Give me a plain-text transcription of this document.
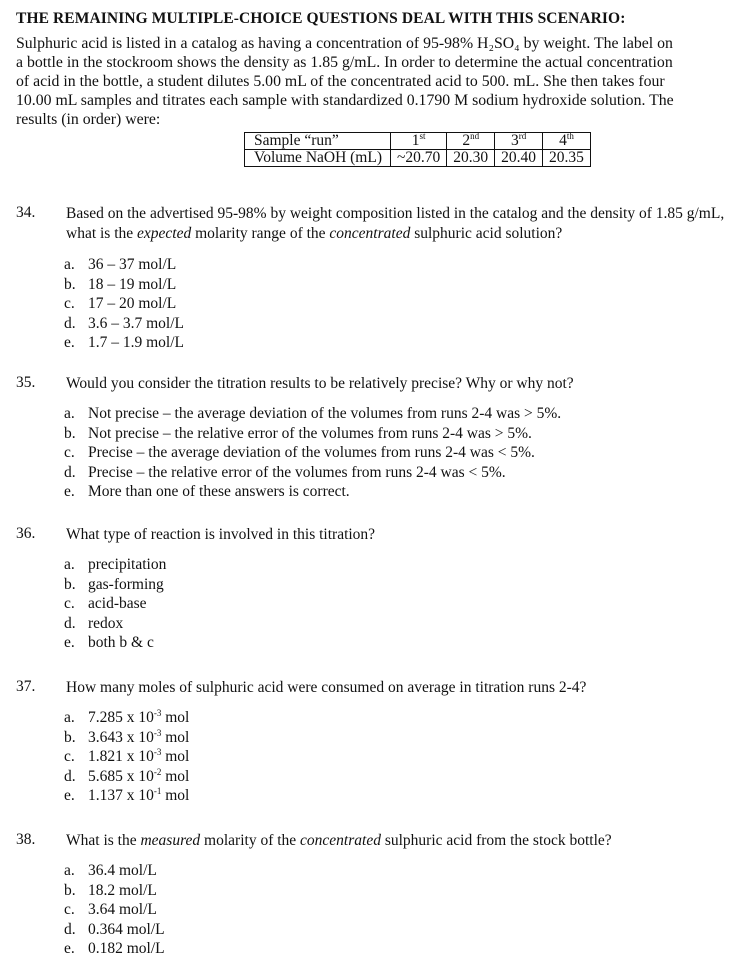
THE REMAINING MULTIPLE-CHOICE QUESTIONS DEAL WITH THIS SCENARIO:
Sulphuric acid is listed in a catalog as having a concentration of 95-98% H₂SO₄ by weight. The label on
a bottle in the stockroom shows the density as 1.85 g/mL. In order to determine the actual concentration
of acid in the bottle, a student dilutes 5.00 mL of the concentrated acid to 500. mL. She then takes four
10.00 mL samples and titrates each sample with standardized 0.1790 M sodium hydroxide solution. The
results (in order) were:
Sample “run”	1st	2nd	3rd	4th
Volume NaOH (mL)	~20.70	20.30	20.40	20.35
34. Based on the advertised 95-98% by weight composition listed in the catalog and the density of 1.85 g/mL, what is the expected molarity range of the concentrated sulphuric acid solution?
a. 36 – 37 mol/L
b. 18 – 19 mol/L
c. 17 – 20 mol/L
d. 3.6 – 3.7 mol/L
e. 1.7 – 1.9 mol/L
35. Would you consider the titration results to be relatively precise? Why or why not?
a. Not precise – the average deviation of the volumes from runs 2-4 was > 5%.
b. Not precise – the relative error of the volumes from runs 2-4 was > 5%.
c. Precise – the average deviation of the volumes from runs 2-4 was < 5%.
d. Precise – the relative error of the volumes from runs 2-4 was < 5%.
e. More than one of these answers is correct.
36. What type of reaction is involved in this titration?
a. precipitation
b. gas-forming
c. acid-base
d. redox
e. both b & c
37. How many moles of sulphuric acid were consumed on average in titration runs 2-4?
a. 7.285 x $10^{-3}$ mol
b. 3.643 x $10^{-3}$ mol
c. 1.821 x $10^{-3}$ mol
d. 5.685 x $10^{-2}$ mol
e. 1.137 x $10^{-1}$ mol
38. What is the measured molarity of the concentrated sulphuric acid from the stock bottle?
a. 36.4 mol/L
b. 18.2 mol/L
c. 3.64 mol/L
d. 0.364 mol/L
e. 0.182 mol/L
